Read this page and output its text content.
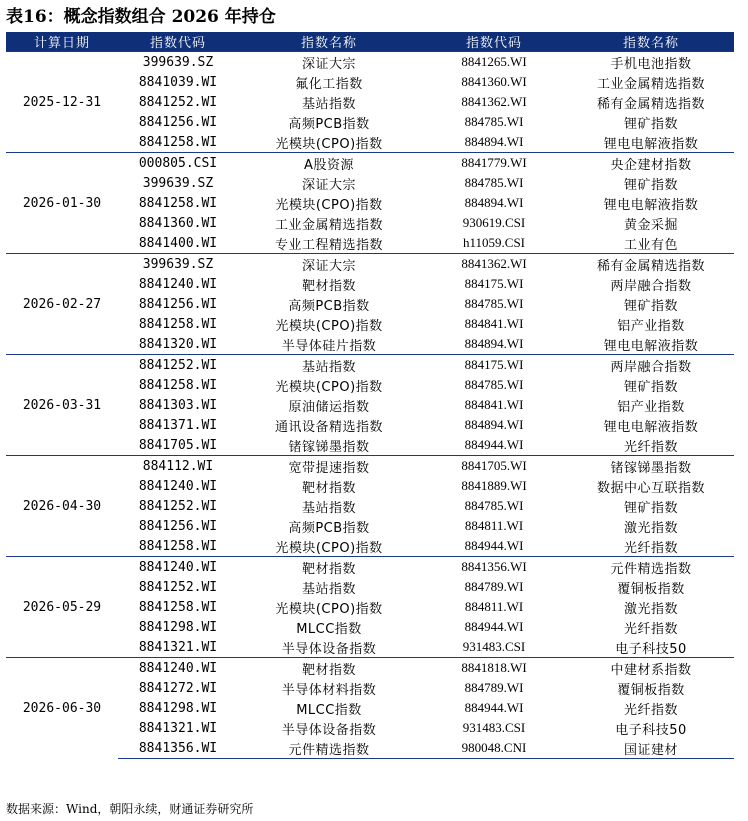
表16：概念指数组合 2026 年持仓
计算日期	指数代码	指数名称	指数代码	指数名称
2025-12-31	399639.SZ	深证大宗	8841265.WI	手机电池指数
	8841039.WI	氟化工指数	8841360.WI	工业金属精选指数
	8841252.WI	基站指数	8841362.WI	稀有金属精选指数
	8841256.WI	高频PCB指数	884785.WI	锂矿指数
	8841258.WI	光模块(CPO)指数	884894.WI	锂电电解液指数
2026-01-30	000805.CSI	A股资源	8841779.WI	央企建材指数
	399639.SZ	深证大宗	884785.WI	锂矿指数
	8841258.WI	光模块(CPO)指数	884894.WI	锂电电解液指数
	8841360.WI	工业金属精选指数	930619.CSI	黄金采掘
	8841400.WI	专业工程精选指数	h11059.CSI	工业有色
2026-02-27	399639.SZ	深证大宗	8841362.WI	稀有金属精选指数
	8841240.WI	靶材指数	884175.WI	两岸融合指数
	8841256.WI	高频PCB指数	884785.WI	锂矿指数
	8841258.WI	光模块(CPO)指数	884841.WI	铝产业指数
	8841320.WI	半导体硅片指数	884894.WI	锂电电解液指数
2026-03-31	8841252.WI	基站指数	884175.WI	两岸融合指数
	8841258.WI	光模块(CPO)指数	884785.WI	锂矿指数
	8841303.WI	原油储运指数	884841.WI	铝产业指数
	8841371.WI	通讯设备精选指数	884894.WI	锂电电解液指数
	8841705.WI	锗镓锑墨指数	884944.WI	光纤指数
2026-04-30	884112.WI	宽带提速指数	8841705.WI	锗镓锑墨指数
	8841240.WI	靶材指数	8841889.WI	数据中心互联指数
	8841252.WI	基站指数	884785.WI	锂矿指数
	8841256.WI	高频PCB指数	884811.WI	激光指数
	8841258.WI	光模块(CPO)指数	884944.WI	光纤指数
2026-05-29	8841240.WI	靶材指数	8841356.WI	元件精选指数
	8841252.WI	基站指数	884789.WI	覆铜板指数
	8841258.WI	光模块(CPO)指数	884811.WI	激光指数
	8841298.WI	MLCC指数	884944.WI	光纤指数
	8841321.WI	半导体设备指数	931483.CSI	电子科技50
2026-06-30	8841240.WI	靶材指数	8841818.WI	中建材系指数
	8841272.WI	半导体材料指数	884789.WI	覆铜板指数
	8841298.WI	MLCC指数	884944.WI	光纤指数
	8841321.WI	半导体设备指数	931483.CSI	电子科技50
	8841356.WI	元件精选指数	980048.CNI	国证建材
数据来源：Wind，朝阳永续，财通证券研究所
